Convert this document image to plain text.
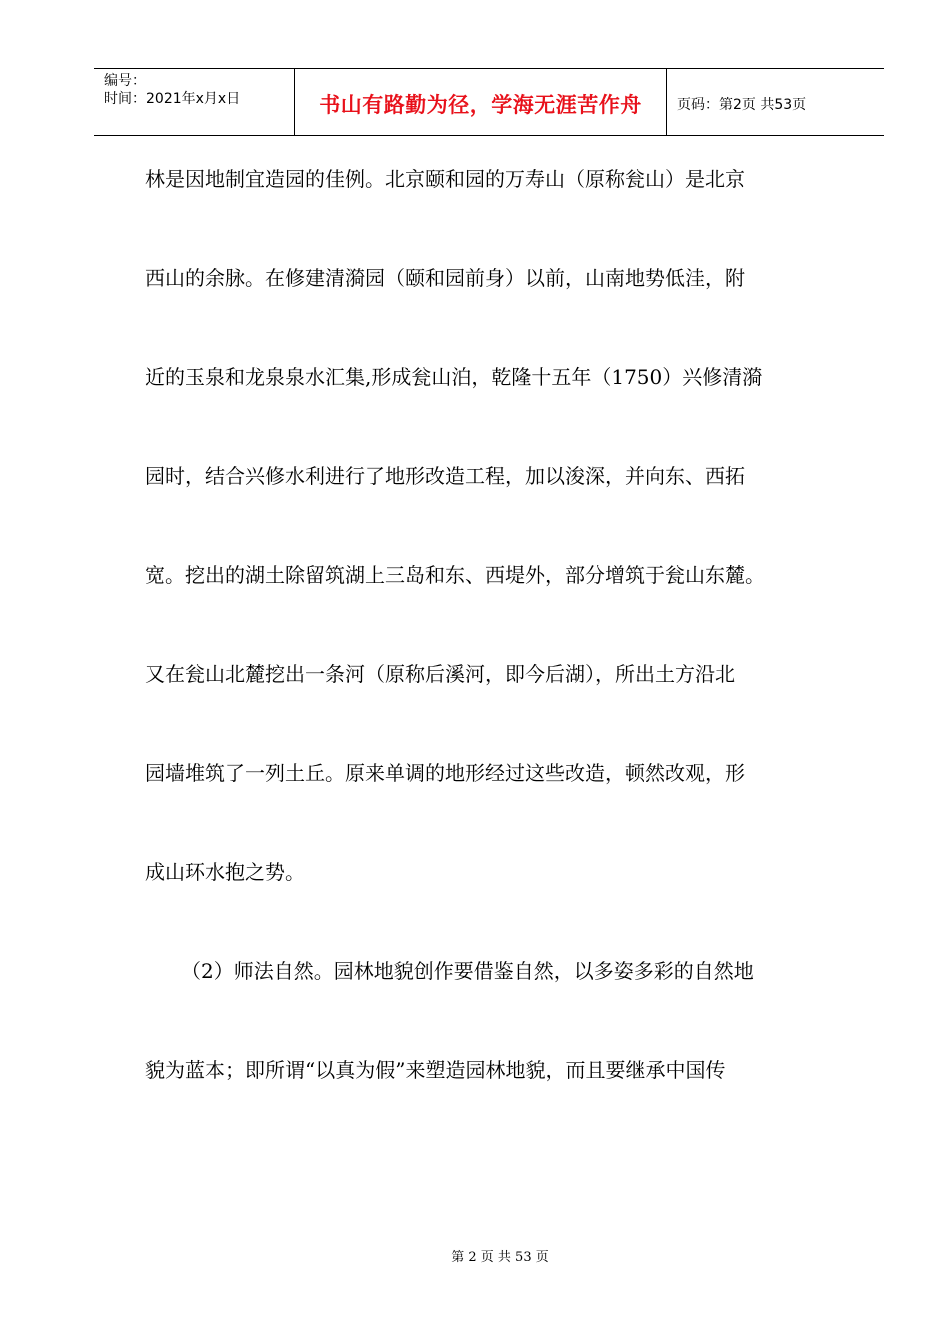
编号：
时间：2021年x月x日	书山有路勤为径，学海无涯苦作舟	页码：第2页 共53页
林是因地制宜造园的佳例。北京颐和园的万寿山（原称瓮山）是北京
西山的余脉。在修建清漪园（颐和园前身）以前，山南地势低洼，附
近的玉泉和龙泉泉水汇集,形成瓮山泊，乾隆十五年（1750）兴修清漪
园时，结合兴修水利进行了地形改造工程，加以浚深，并向东、西拓
宽。挖出的湖土除留筑湖上三岛和东、西堤外，部分增筑于瓮山东麓。
又在瓮山北麓挖出一条河（原称后溪河，即今后湖），所出土方沿北
园墙堆筑了一列土丘。原来单调的地形经过这些改造，顿然改观，形
成山环水抱之势。
（2）师法自然。园林地貌创作要借鉴自然，以多姿多彩的自然地
貌为蓝本；即所谓“以真为假”来塑造园林地貌，而且要继承中国传
第 2 页 共 53 页
